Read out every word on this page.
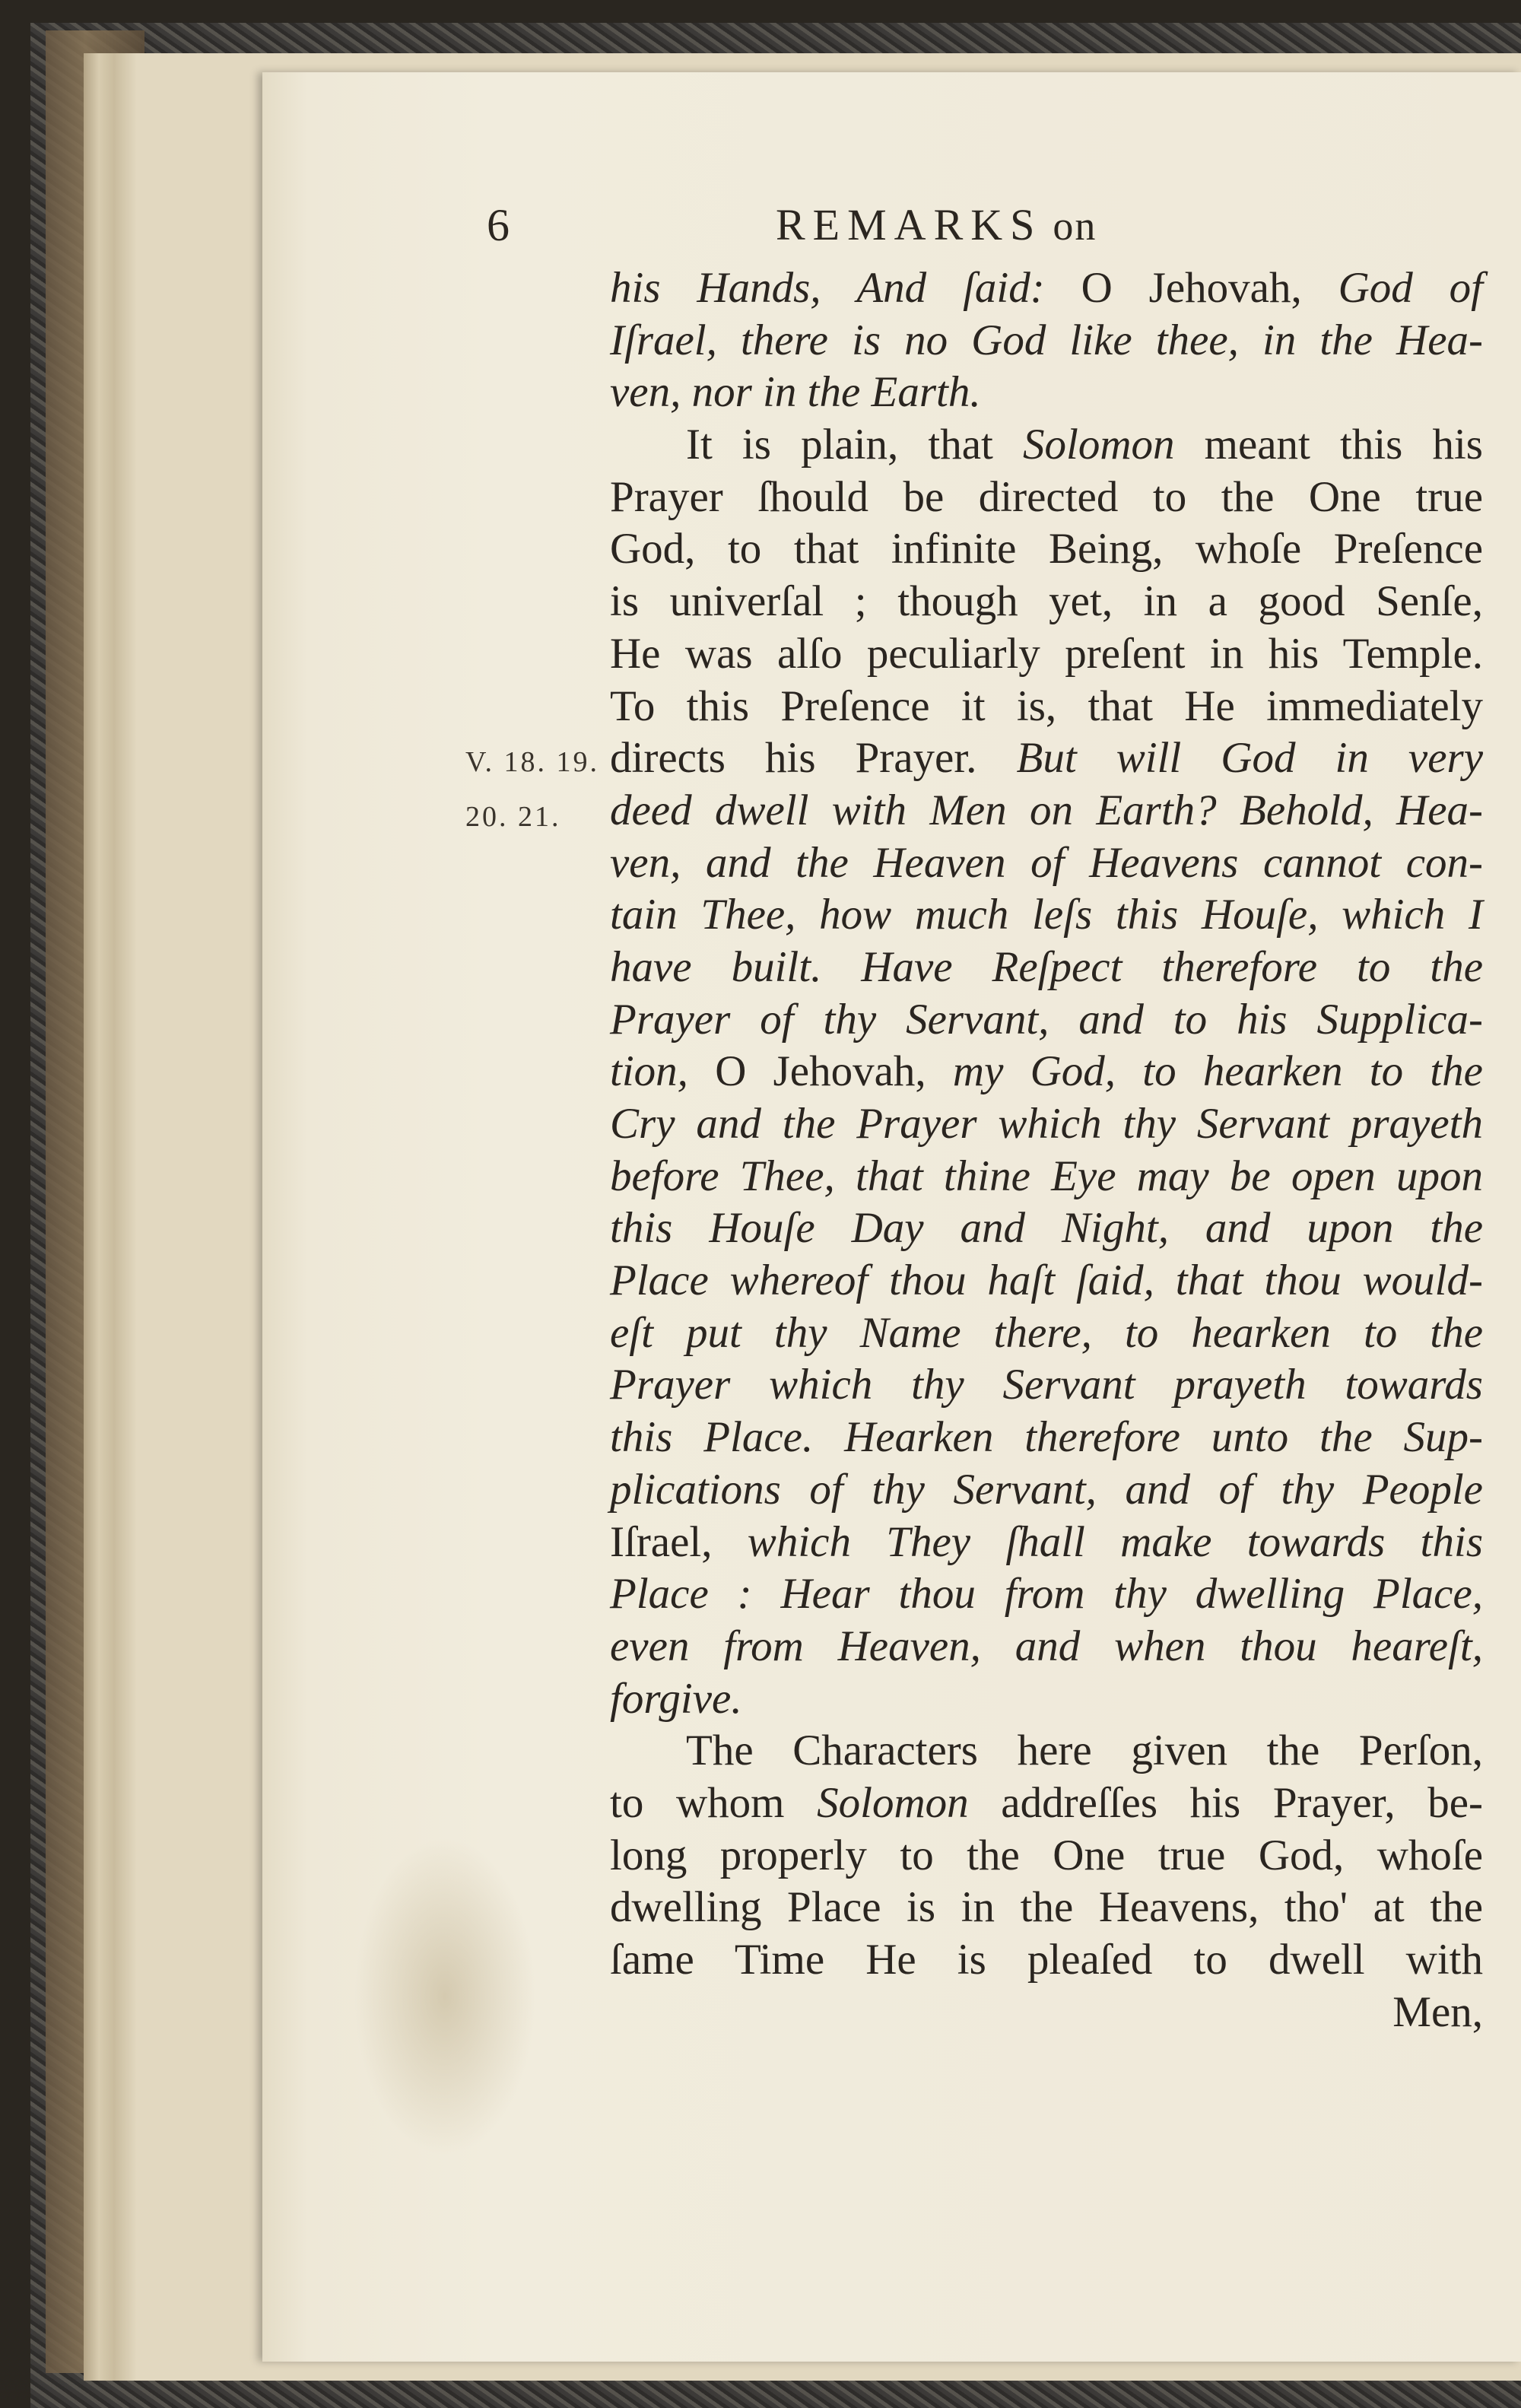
6	REMARKS on
V. 18. 19.
20. 21.
his Hands, And ſaid: O Jehovah, God of
Iſrael, there is no God like thee, in the Hea-
ven, nor in the Earth.
It is plain, that Solomon meant this his
Prayer ſhould be directed to the One true
God, to that infinite Being, whoſe Preſence
is univerſal ; though yet, in a good Senſe,
He was alſo peculiarly preſent in his Temple.
To this Preſence it is, that He immediately
directs his Prayer. But will God in very
deed dwell with Men on Earth? Behold, Hea-
ven, and the Heaven of Heavens cannot con-
tain Thee, how much leſs this Houſe, which I
have built. Have Reſpect therefore to the
Prayer of thy Servant, and to his Supplica-
tion, O Jehovah, my God, to hearken to the
Cry and the Prayer which thy Servant prayeth
before Thee, that thine Eye may be open upon
this Houſe Day and Night, and upon the
Place whereof thou haſt ſaid, that thou would-
eſt put thy Name there, to hearken to the
Prayer which thy Servant prayeth towards
this Place. Hearken therefore unto the Sup-
plications of thy Servant, and of thy People
Iſrael, which They ſhall make towards this
Place : Hear thou from thy dwelling Place,
even from Heaven, and when thou heareſt,
forgive.
The Characters here given the Perſon,
to whom Solomon addreſſes his Prayer, be-
long properly to the One true God, whoſe
dwelling Place is in the Heavens, tho' at the
ſame Time He is pleaſed to dwell with
Men,
